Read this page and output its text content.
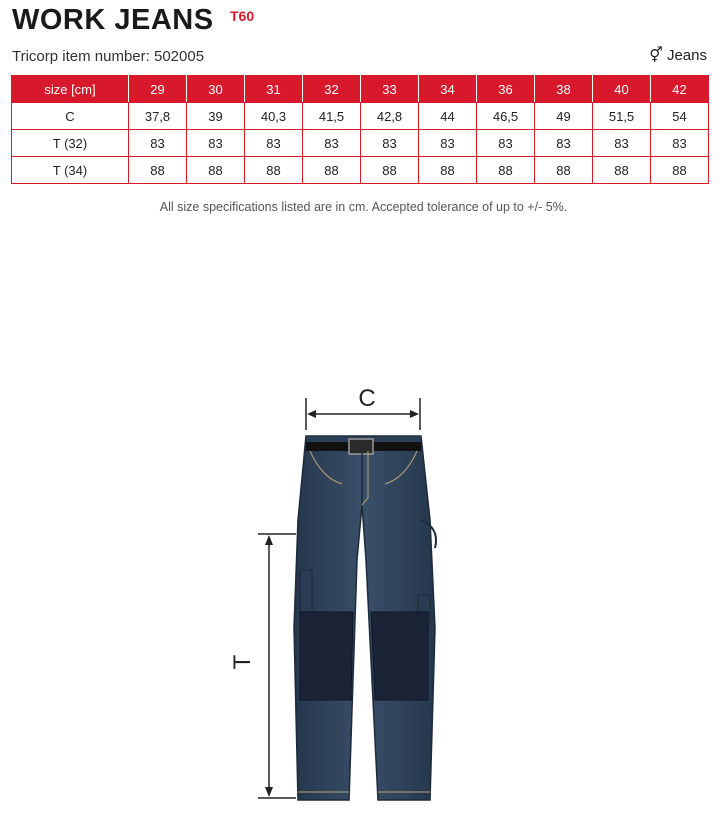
WORK JEANS T60
Tricorp item number: 502005	⚥ Jeans
size [cm]	29	30	31	32	33	34	36	38	40	42
C	37,8	39	40,3	41,5	42,8	44	46,5	49	51,5	54
T (32)	83	83	83	83	83	83	83	83	83	83
T (34)	88	88	88	88	88	88	88	88	88	88
All size specifications listed are in cm. Accepted tolerance of up to +/- 5%.
C
T
